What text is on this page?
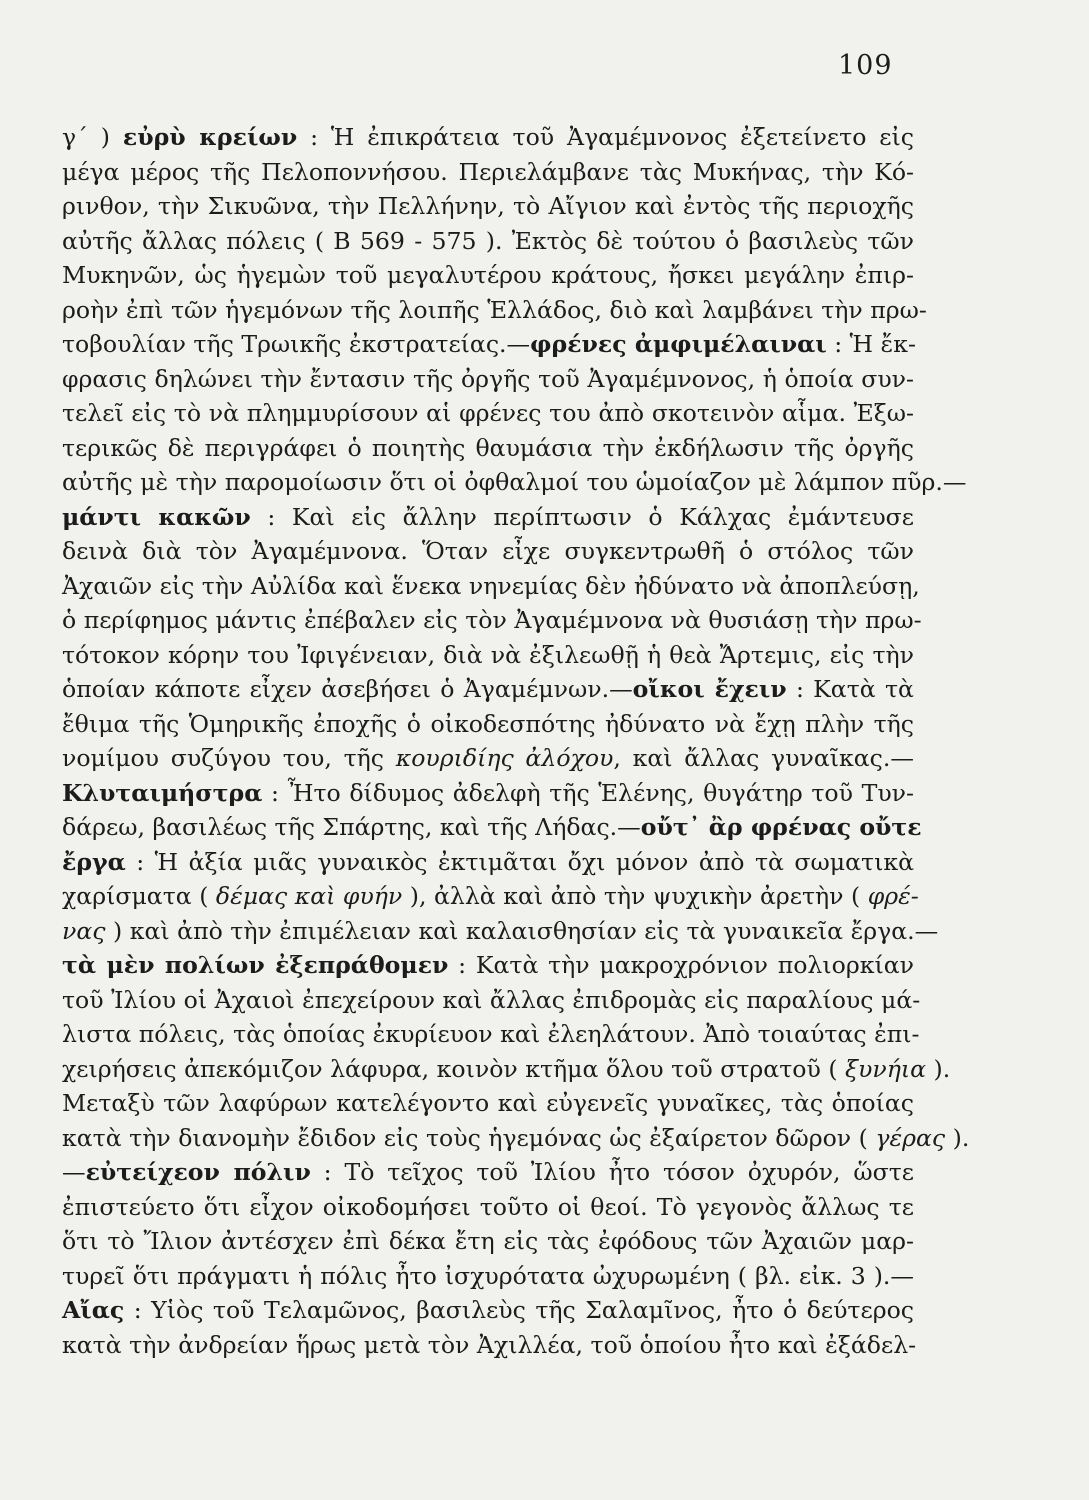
109
γ΄ ) εὐρὺ κρείων : Ἡ ἐπικράτεια τοῦ Ἀγαμέμνονος ἐξετείνετο εἰς
μέγα μέρος τῆς Πελοποννήσου. Περιελάμβανε τὰς Μυκήνας, τὴν Κό-
ρινθον, τὴν Σικυῶνα, τὴν Πελλήνην, τὸ Αἴγιον καὶ ἐντὸς τῆς περιοχῆς
αὐτῆς ἄλλας πόλεις ( B 569 - 575 ). Ἐκτὸς δὲ τούτου ὁ βασιλεὺς τῶν
Μυκηνῶν, ὡς ἡγεμὼν τοῦ μεγαλυτέρου κράτους, ἤσκει μεγάλην ἐπιρ-
ροὴν ἐπὶ τῶν ἡγεμόνων τῆς λοιπῆς Ἑλλάδος, διὸ καὶ λαμβάνει τὴν πρω-
τοβουλίαν τῆς Τρωικῆς ἐκστρατείας.—φρένες ἀμφιμέλαιναι : Ἡ ἔκ-
φρασις δηλώνει τὴν ἔντασιν τῆς ὀργῆς τοῦ Ἀγαμέμνονος, ἡ ὁποία συν-
τελεῖ εἰς τὸ νὰ πλημμυρίσουν αἱ φρένες του ἀπὸ σκοτεινὸν αἷμα. Ἐξω-
τερικῶς δὲ περιγράφει ὁ ποιητὴς θαυμάσια τὴν ἐκδήλωσιν τῆς ὀργῆς
αὐτῆς μὲ τὴν παρομοίωσιν ὅτι οἱ ὀφθαλμοί του ὡμοίαζον μὲ λάμπον πῦρ.—
μάντι κακῶν : Καὶ εἰς ἄλλην περίπτωσιν ὁ Κάλχας ἐμάντευσε
δεινὰ διὰ τὸν Ἀγαμέμνονα. Ὅταν εἶχε συγκεντρωθῆ ὁ στόλος τῶν
Ἀχαιῶν εἰς τὴν Αὐλίδα καὶ ἕνεκα νηνεμίας δὲν ἠδύνατο νὰ ἀποπλεύσῃ,
ὁ περίφημος μάντις ἐπέβαλεν εἰς τὸν Ἀγαμέμνονα νὰ θυσιάσῃ τὴν πρω-
τότοκον κόρην του Ἰφιγένειαν, διὰ νὰ ἐξιλεωθῇ ἡ θεὰ Ἄρτεμις, εἰς τὴν
ὁποίαν κάποτε εἶχεν ἀσεβήσει ὁ Ἀγαμέμνων.—οἴκοι ἔχειν : Κατὰ τὰ
ἔθιμα τῆς Ὁμηρικῆς ἐποχῆς ὁ οἰκοδεσπότης ἠδύνατο νὰ ἔχῃ πλὴν τῆς
νομίμου συζύγου του, τῆς κουριδίης ἀλόχου, καὶ ἄλλας γυναῖκας.—
Κλυταιμήστρα : Ἦτο δίδυμος ἀδελφὴ τῆς Ἑλένης, θυγάτηρ τοῦ Τυν-
δάρεω, βασιλέως τῆς Σπάρτης, καὶ τῆς Λήδας.—οὔτ᾽ ἂρ φρένας οὔτε
ἔργα : Ἡ ἀξία μιᾶς γυναικὸς ἐκτιμᾶται ὄχι μόνον ἀπὸ τὰ σωματικὰ
χαρίσματα ( δέμας καὶ φυήν ), ἀλλὰ καὶ ἀπὸ τὴν ψυχικὴν ἀρετὴν ( φρέ-
νας ) καὶ ἀπὸ τὴν ἐπιμέλειαν καὶ καλαισθησίαν εἰς τὰ γυναικεῖα ἔργα.—
τὰ μὲν πολίων ἐξεπράθομεν : Κατὰ τὴν μακροχρόνιον πολιορκίαν
τοῦ Ἰλίου οἱ Ἀχαιοὶ ἐπεχείρουν καὶ ἄλλας ἐπιδρομὰς εἰς παραλίους μά-
λιστα πόλεις, τὰς ὁποίας ἐκυρίευον καὶ ἐλεηλάτουν. Ἀπὸ τοιαύτας ἐπι-
χειρήσεις ἀπεκόμιζον λάφυρα, κοινὸν κτῆμα ὅλου τοῦ στρατοῦ ( ξυνήια ).
Μεταξὺ τῶν λαφύρων κατελέγοντο καὶ εὐγενεῖς γυναῖκες, τὰς ὁποίας
κατὰ τὴν διανομὴν ἔδιδον εἰς τοὺς ἡγεμόνας ὡς ἐξαίρετον δῶρον ( γέρας ).
—εὐτείχεον πόλιν : Τὸ τεῖχος τοῦ Ἰλίου ἦτο τόσον ὀχυρόν, ὥστε
ἐπιστεύετο ὅτι εἶχον οἰκοδομήσει τοῦτο οἱ θεοί. Τὸ γεγονὸς ἄλλως τε
ὅτι τὸ Ἴλιον ἀντέσχεν ἐπὶ δέκα ἔτη εἰς τὰς ἐφόδους τῶν Ἀχαιῶν μαρ-
τυρεῖ ὅτι πράγματι ἡ πόλις ἦτο ἰσχυρότατα ὠχυρωμένη ( βλ. εἰκ. 3 ).—
Αἴας : Υἱὸς τοῦ Τελαμῶνος, βασιλεὺς τῆς Σαλαμῖνος, ἦτο ὁ δεύτερος
κατὰ τὴν ἀνδρείαν ἥρως μετὰ τὸν Ἀχιλλέα, τοῦ ὁποίου ἦτο καὶ ἐξάδελ-
